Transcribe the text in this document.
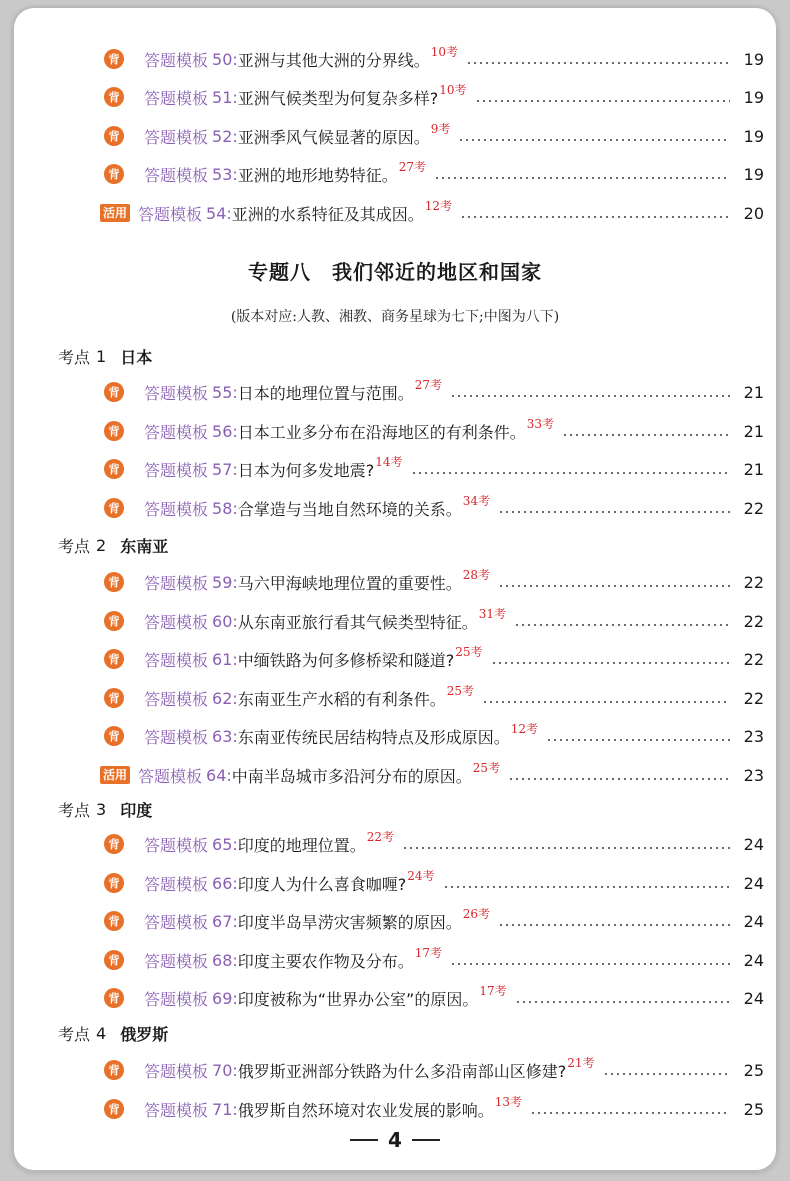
专题八　我们邻近的地区和国家
(版本对应:人教、湘教、商务星球为七下;中图为八下)
4
背 答题模板 50 : 亚洲与其他大洲的分界线。 10考	19
背 答题模板 51 : 亚洲气候类型为何复杂多样? 10考	19
背 答题模板 52 : 亚洲季风气候显著的原因。 9考	19
背 答题模板 53 : 亚洲的地形地势特征。 27考	19
活用 答题模板 54 : 亚洲的水系特征及其成因。 12考	20
考点 1 日本
背 答题模板 55 : 日本的地理位置与范围。 27考	21
背 答题模板 56 : 日本工业多分布在沿海地区的有利条件。 33考	21
背 答题模板 57 : 日本为何多发地震? 14考	21
背 答题模板 58 : 合掌造与当地自然环境的关系。 34考	22
考点 2 东南亚
背 答题模板 59 : 马六甲海峡地理位置的重要性。 28考	22
背 答题模板 60 : 从东南亚旅行看其气候类型特征。 31考	22
背 答题模板 61 : 中缅铁路为何多修桥梁和隧道? 25考	22
背 答题模板 62 : 东南亚生产水稻的有利条件。 25考	22
背 答题模板 63 : 东南亚传统民居结构特点及形成原因。 12考	23
活用 答题模板 64 : 中南半岛城市多沿河分布的原因。 25考	23
考点 3 印度
背 答题模板 65 : 印度的地理位置。 22考	24
背 答题模板 66 : 印度人为什么喜食咖喱? 24考	24
背 答题模板 67 : 印度半岛旱涝灾害频繁的原因。 26考	24
背 答题模板 68 : 印度主要农作物及分布。 17考	24
背 答题模板 69 : 印度被称为“世界办公室”的原因。 17考	24
考点 4 俄罗斯
背 答题模板 70 : 俄罗斯亚洲部分铁路为什么多沿南部山区修建? 21考	25
背 答题模板 71 : 俄罗斯自然环境对农业发展的影响。 13考	25
